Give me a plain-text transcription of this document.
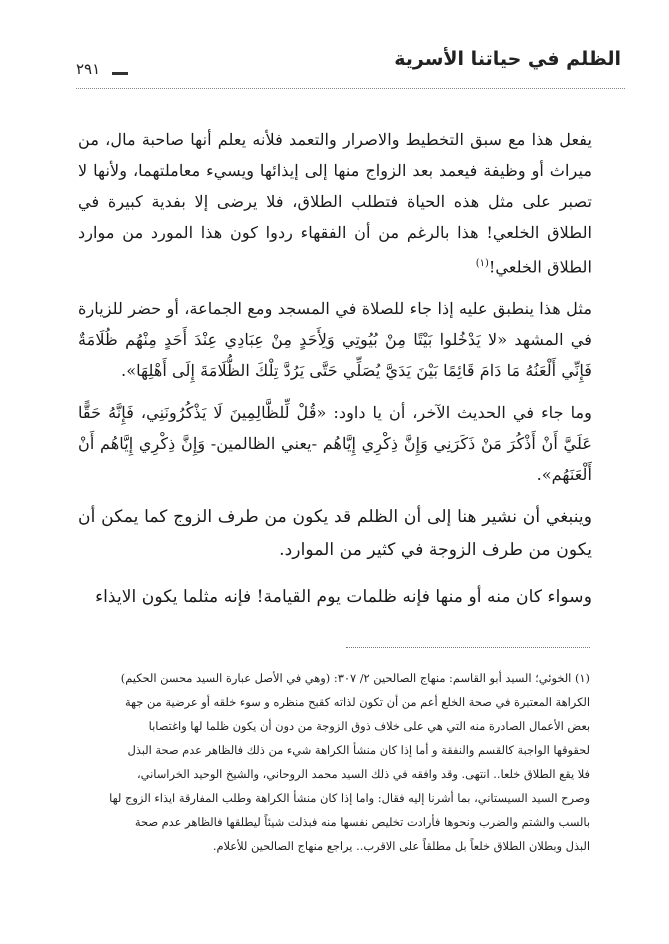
الظلم في حياتنا الأسرية
٢٩١

يفعل هذا مع سبق التخطيط والاصرار والتعمد فلأنه يعلم أنها صاحبة مال، من ميراث أو وظيفة فيعمد بعد الزواج منها إلى إيذائها ويسيء معاملتهما، ولأنها لا تصبر على مثل هذه الحياة فتطلب الطلاق، فلا يرضى إلا بفدية كبيرة في الطلاق الخلعي! هذا بالرغم من أن الفقهاء ردوا كون هذا المورد من موارد الطلاق الخلعي!$^{(١)}$

مثل هذا ينطبق عليه إذا جاء للصلاة في المسجد ومع الجماعة، أو حضر للزيارة في المشهد «لا يَدْخُلوا بَيْتًا مِنْ بُيُوتِي وَلِأَحَدٍ مِنْ عِبَادِي عِنْدَ أَحَدٍ مِنْهُم ظُلَامَةٌ فَإِنِّي أَلْعَنُهُ مَا دَامَ قَائِمًا بَيْنَ يَدَيَّ يُصَلِّي حَتَّى يَرُدَّ تِلْكَ الظُّلَامَةَ إِلَى أَهْلِهَا».

وما جاء في الحديث الآخر، أن يا داود: «قُلْ لِّلظَّالِمِينَ لَا يَذْكُرُونَنِي، فَإِنَّهُ حَقًّا عَلَيَّ أَنْ أَذْكُرَ مَنْ ذَكَرَنِي وَإِنَّ ذِكْرِي إِيَّاهُم -يعني الظالمين- وَإِنَّ ذِكْرِي إِيَّاهُم أَنْ أَلْعَنَهُم».

وينبغي أن نشير هنا إلى أن الظلم قد يكون من طرف الزوج كما يمكن أن يكون من طرف الزوجة في كثير من الموارد.

وسواء كان منه أو منها فإنه ظلمات يوم القيامة! فإنه مثلما يكون الايذاء

(١) الخوئي؛ السيد أبو القاسم: منهاج الصالحين ٢/ ٣٠٧: (وهي في الأصل عبارة السيد محسن الحكيم)
الكراهة المعتبرة في صحة الخلع أعم من أن تكون لذاته كقبح منظره و سوء خلقه أو عرضية من جهة
بعض الأعمال الصادرة منه التي هي على خلاف ذوق الزوجة من دون أن يكون ظلما لها واغتصابا
لحقوقها الواجبة كالقسم والنفقة و أما إذا كان منشأ الكراهة شيء من ذلك فالظاهر عدم صحة البذل
فلا يقع الطلاق خلعا.. انتهى. وقد وافقه في ذلك السيد محمد الروحاني، والشيخ الوحيد الخراساني،
وصرح السيد السيستاني، بما أشرنا إليه فقال: واما إذا كان منشأ الكراهة وطلب المفارقة ايذاء الزوج لها
بالسب والشتم والضرب ونحوها فأرادت تخليص نفسها منه فبذلت شيئاً ليطلقها فالظاهر عدم صحة
البذل وبطلان الطلاق خلعاً بل مطلقاً على الاقرب.. يراجع منهاج الصالحين للأعلام.
